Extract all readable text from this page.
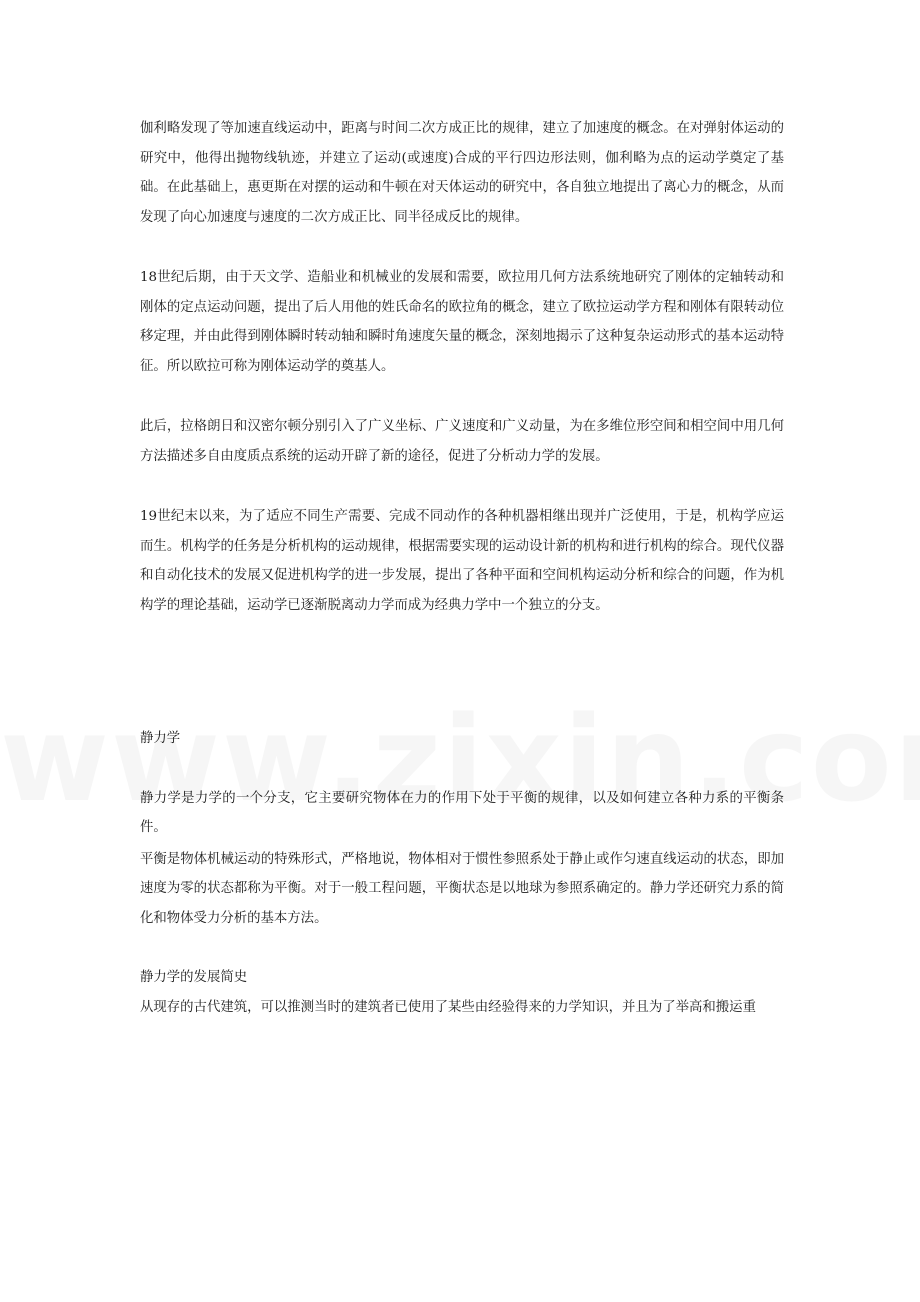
伽利略发现了等加速直线运动中，距离与时间二次方成正比的规律，建立了加速度的概念。在对弹射体运动的研究中，他得出抛物线轨迹，并建立了运动(或速度)合成的平行四边形法则，伽利略为点的运动学奠定了基础。在此基础上，惠更斯在对摆的运动和牛顿在对天体运动的研究中，各自独立地提出了离心力的概念，从而发现了向心加速度与速度的二次方成正比、同半径成反比的规律。

18世纪后期，由于天文学、造船业和机械业的发展和需要，欧拉用几何方法系统地研究了刚体的定轴转动和刚体的定点运动问题，提出了后人用他的姓氏命名的欧拉角的概念，建立了欧拉运动学方程和刚体有限转动位移定理，并由此得到刚体瞬时转动轴和瞬时角速度矢量的概念，深刻地揭示了这种复杂运动形式的基本运动特征。所以欧拉可称为刚体运动学的奠基人。

此后，拉格朗日和汉密尔顿分别引入了广义坐标、广义速度和广义动量，为在多维位形空间和相空间中用几何方法描述多自由度质点系统的运动开辟了新的途径，促进了分析动力学的发展。

19世纪末以来，为了适应不同生产需要、完成不同动作的各种机器相继出现并广泛使用，于是，机构学应运而生。机构学的任务是分析机构的运动规律，根据需要实现的运动设计新的机构和进行机构的综合。现代仪器和自动化技术的发展又促进机构学的进一步发展，提出了各种平面和空间机构运动分析和综合的问题，作为机构学的理论基础，运动学已逐渐脱离动力学而成为经典力学中一个独立的分支。

静力学

静力学是力学的一个分支，它主要研究物体在力的作用下处于平衡的规律，以及如何建立各种力系的平衡条件。

平衡是物体机械运动的特殊形式，严格地说，物体相对于惯性参照系处于静止或作匀速直线运动的状态，即加速度为零的状态都称为平衡。对于一般工程问题，平衡状态是以地球为参照系确定的。静力学还研究力系的简化和物体受力分析的基本方法。

静力学的发展简史

从现存的古代建筑，可以推测当时的建筑者已使用了某些由经验得来的力学知识，并且为了举高和搬运重
